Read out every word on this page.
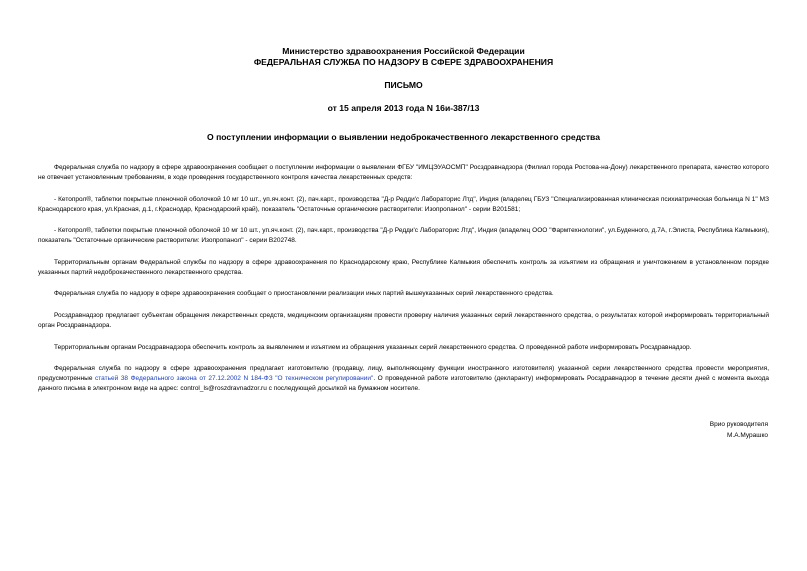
Министерство здравоохранения Российской Федерации
ФЕДЕРАЛЬНАЯ СЛУЖБА ПО НАДЗОРУ В СФЕРЕ ЗДРАВООХРАНЕНИЯ
ПИСЬМО
от 15 апреля 2013 года N 16и-387/13
О поступлении информации о выявлении недоброкачественного лекарственного средства

Федеральная служба по надзору в сфере здравоохранения сообщает о поступлении информации о выявлении ФГБУ "ИМЦЭУАОСМП" Росздравнадзора (Филиал города Ростова-на-Дону) лекарственного препарата, качество которого не отвечает установленным требованиям, в ходе проведения государственного контроля качества лекарственных средств:

- Кетопрол®, таблетки покрытые пленочной оболочкой 10 мг 10 шт., уп.яч.конт. (2), пач.карт., производства "Д-р Редди'с Лабораторис Лтд", Индия (владелец ГБУЗ "Специализированная клиническая психиатрическая больница N 1" МЗ Краснодарского края, ул.Красная, д.1, г.Краснодар, Краснодарский край), показатель "Остаточные органические растворители: Изопропанол" - серии В201581;

- Кетопрол®, таблетки покрытые пленочной оболочкой 10 мг 10 шт., уп.яч.конт. (2), пач.карт., производства "Д-р Редди'с Лабораторис Лтд", Индия (владелец ООО "Фармтехнологии", ул.Буденного, д.7А, г.Элиста, Республика Калмыкия), показатель "Остаточные органические растворители: Изопропанол" - серии В202748.

Территориальным органам Федеральной службы по надзору в сфере здравоохранения по Краснодарскому краю, Республике Калмыкия обеспечить контроль за изъятием из обращения и уничтожением в установленном порядке указанных партий недоброкачественного лекарственного средства.

Федеральная служба по надзору в сфере здравоохранения сообщает о приостановлении реализации иных партий вышеуказанных серий лекарственного средства.

Росздравнадзор предлагает субъектам обращения лекарственных средств, медицинским организациям провести проверку наличия указанных серий лекарственного средства, о результатах которой информировать территориальный орган Росздравнадзора.

Территориальным органам Росздравнадзора обеспечить контроль за выявлением и изъятием из обращения указанных серий лекарственного средства. О проведенной работе информировать Росздравнадзор.

Федеральная служба по надзору в сфере здравоохранения предлагает изготовителю (продавцу, лицу, выполняющему функции иностранного изготовителя) указанной серии лекарственного средства провести мероприятия, предусмотренные статьей 38 Федерального закона от 27.12.2002 N 184-ФЗ "О техническом регулировании". О проведенной работе изготовителю (декларанту) информировать Росздравнадзор в течение десяти дней с момента выхода данного письма в электронном виде на адрес: control_ls@roszdravnadzor.ru с последующей досылкой на бумажном носителе.

Врио руководителя
М.А.Мурашко
